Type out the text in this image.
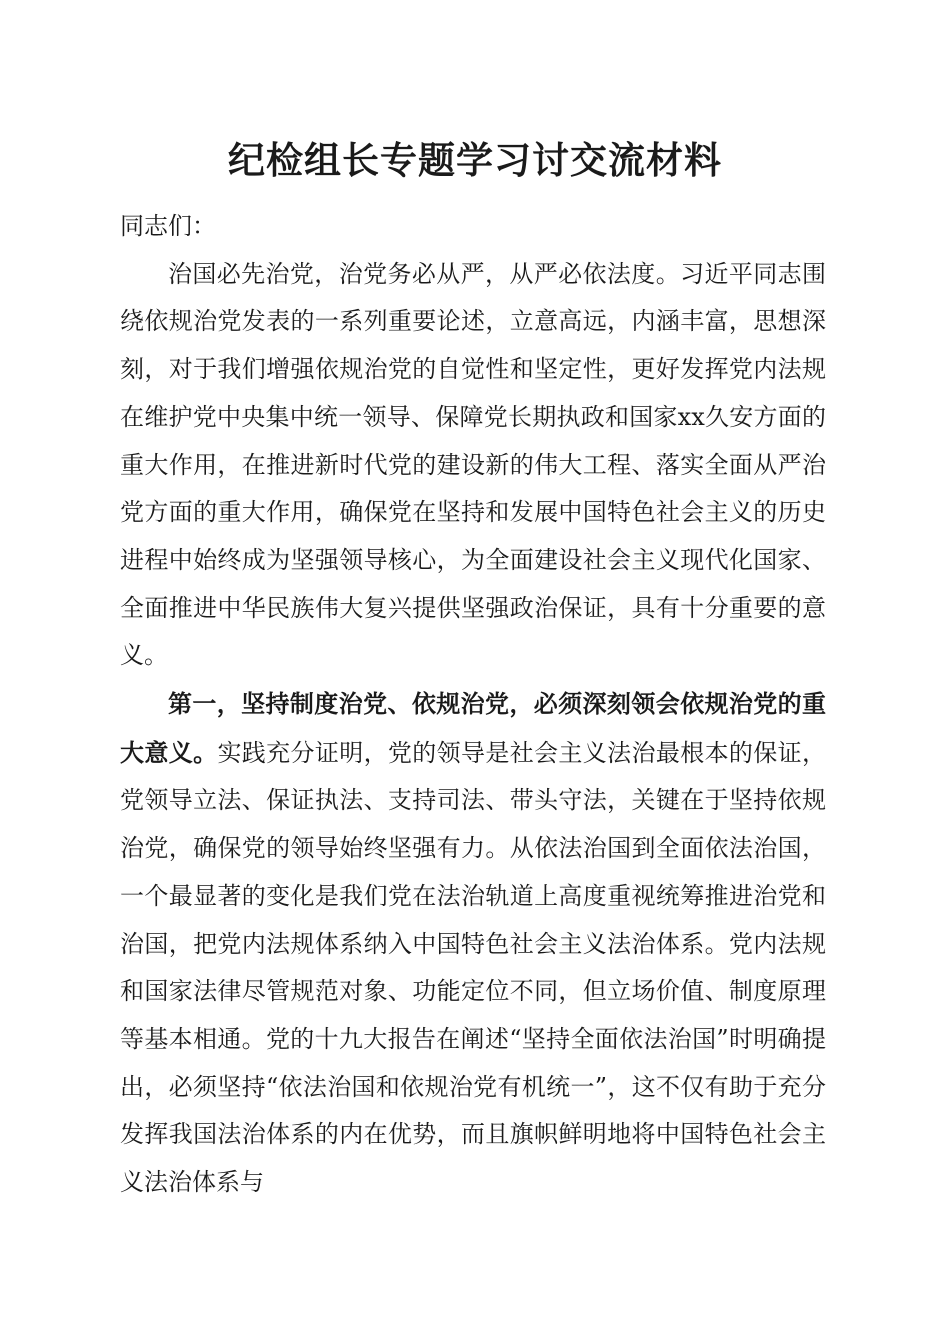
纪检组长专题学习讨交流材料

同志们：

治国必先治党，治党务必从严，从严必依法度。习近平同志围绕依规治党发表的一系列重要论述，立意高远，内涵丰富，思想深刻，对于我们增强依规治党的自觉性和坚定性，更好发挥党内法规在维护党中央集中统一领导、保障党长期执政和国家xx久安方面的重大作用，在推进新时代党的建设新的伟大工程、落实全面从严治党方面的重大作用，确保党在坚持和发展中国特色社会主义的历史进程中始终成为坚强领导核心，为全面建设社会主义现代化国家、全面推进中华民族伟大复兴提供坚强政治保证，具有十分重要的意义。

第一，坚持制度治党、依规治党，必须深刻领会依规治党的重大意义。实践充分证明，党的领导是社会主义法治最根本的保证，党领导立法、保证执法、支持司法、带头守法，关键在于坚持依规治党，确保党的领导始终坚强有力。从依法治国到全面依法治国，一个最显著的变化是我们党在法治轨道上高度重视统筹推进治党和治国，把党内法规体系纳入中国特色社会主义法治体系。党内法规和国家法律尽管规范对象、功能定位不同，但立场价值、制度原理等基本相通。党的十九大报告在阐述“坚持全面依法治国”时明确提出，必须坚持“依法治国和依规治党有机统一”，这不仅有助于充分发挥我国法治体系的内在优势，而且旗帜鲜明地将中国特色社会主义法治体系与
